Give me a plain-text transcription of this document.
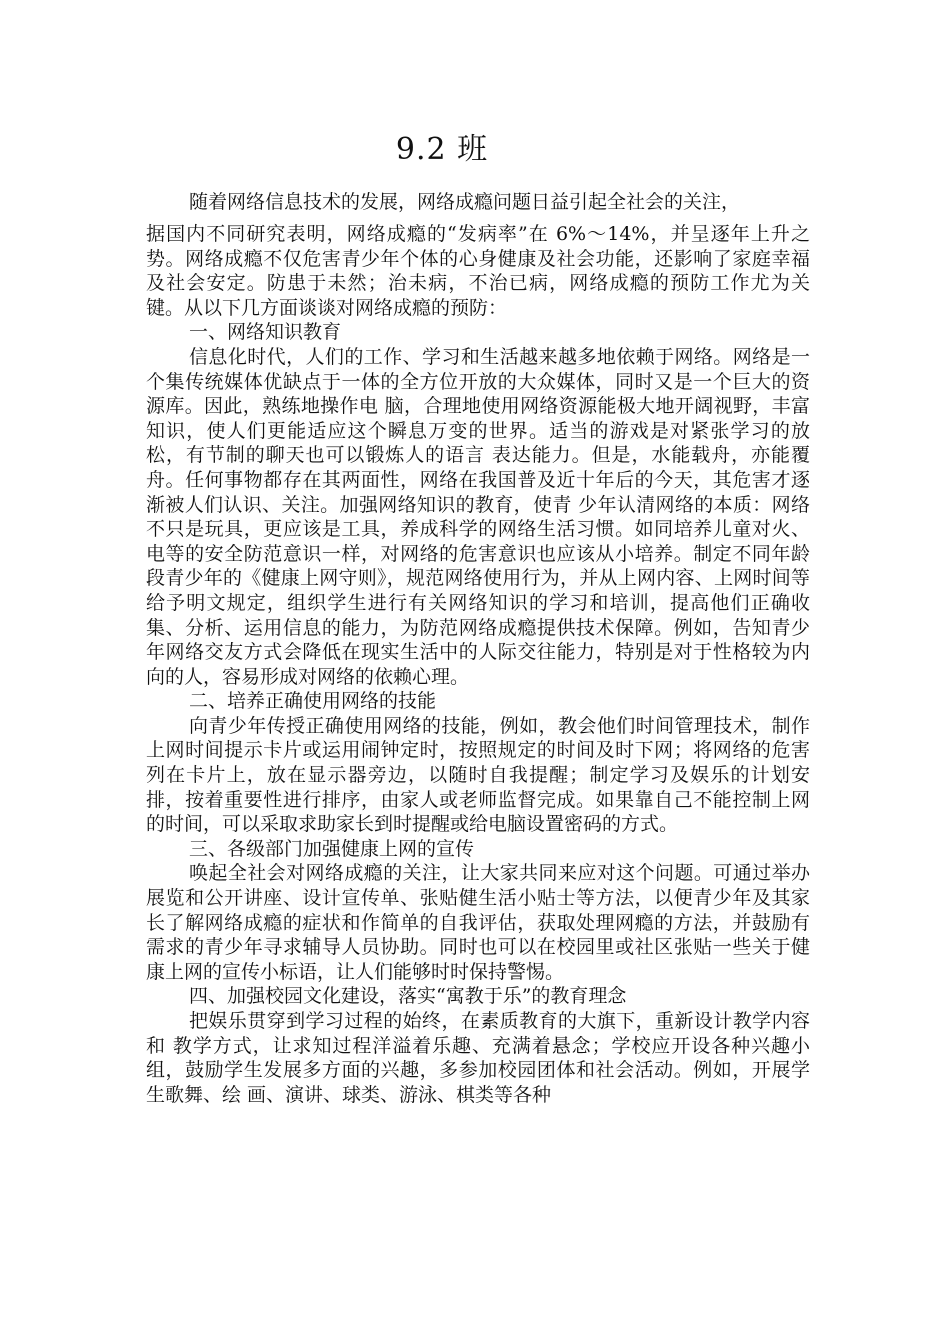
9.2 班
随着网络信息技术的发展，网络成瘾问题日益引起全社会的关注，

据国内不同研究表明，网络成瘾的“发病率”在 6%～14%，并呈逐年上升之势。网络成瘾不仅危害青少年个体的心身健康及社会功能，还影响了家庭幸福及社会安定。防患于未然；治未病，不治已病，网络成瘾的预防工作尤为关键。从以下几方面谈谈对网络成瘾的预防：

一、网络知识教育

信息化时代，人们的工作、学习和生活越来越多地依赖于网络。网络是一个集传统媒体优缺点于一体的全方位开放的大众媒体，同时又是一个巨大的资源库。因此，熟练地操作电 脑，合理地使用网络资源能极大地开阔视野，丰富知识，使人们更能适应这个瞬息万变的世界。适当的游戏是对紧张学习的放松，有节制的聊天也可以锻炼人的语言 表达能力。但是，水能载舟，亦能覆舟。任何事物都存在其两面性，网络在我国普及近十年后的今天，其危害才逐渐被人们认识、关注。加强网络知识的教育，使青 少年认清网络的本质：网络不只是玩具，更应该是工具，养成科学的网络生活习惯。如同培养儿童对火、电等的安全防范意识一样，对网络的危害意识也应该从小培养。制定不同年龄段青少年的《健康上网守则》，规范网络使用行为，并从上网内容、上网时间等给予明文规定，组织学生进行有关网络知识的学习和培训，提高他们正确收集、分析、运用信息的能力，为防范网络成瘾提供技术保障。例如，告知青少年网络交友方式会降低在现实生活中的人际交往能力，特别是对于性格较为内向的人，容易形成对网络的依赖心理。

二、培养正确使用网络的技能

向青少年传授正确使用网络的技能，例如，教会他们时间管理技术，制作上网时间提示卡片或运用闹钟定时，按照规定的时间及时下网；将网络的危害列在卡片上，放在显示器旁边，以随时自我提醒；制定学习及娱乐的计划安排，按着重要性进行排序，由家人或老师监督完成。如果靠自己不能控制上网的时间，可以采取求助家长到时提醒或给电脑设置密码的方式。

三、各级部门加强健康上网的宣传

唤起全社会对网络成瘾的关注，让大家共同来应对这个问题。可通过举办展览和公开讲座、设计宣传单、张贴健生活小贴士等方法，以便青少年及其家长了解网络成瘾的症状和作简单的自我评估，获取处理网瘾的方法，并鼓励有需求的青少年寻求辅导人员协助。同时也可以在校园里或社区张贴一些关于健康上网的宣传小标语，让人们能够时时保持警惕。

四、加强校园文化建设，落实“寓教于乐”的教育理念

把娱乐贯穿到学习过程的始终，在素质教育的大旗下，重新设计教学内容和 教学方式，让求知过程洋溢着乐趣、充满着悬念；学校应开设各种兴趣小组，鼓励学生发展多方面的兴趣，多参加校园团体和社会活动。例如，开展学生歌舞、绘 画、演讲、球类、游泳、棋类等各种
